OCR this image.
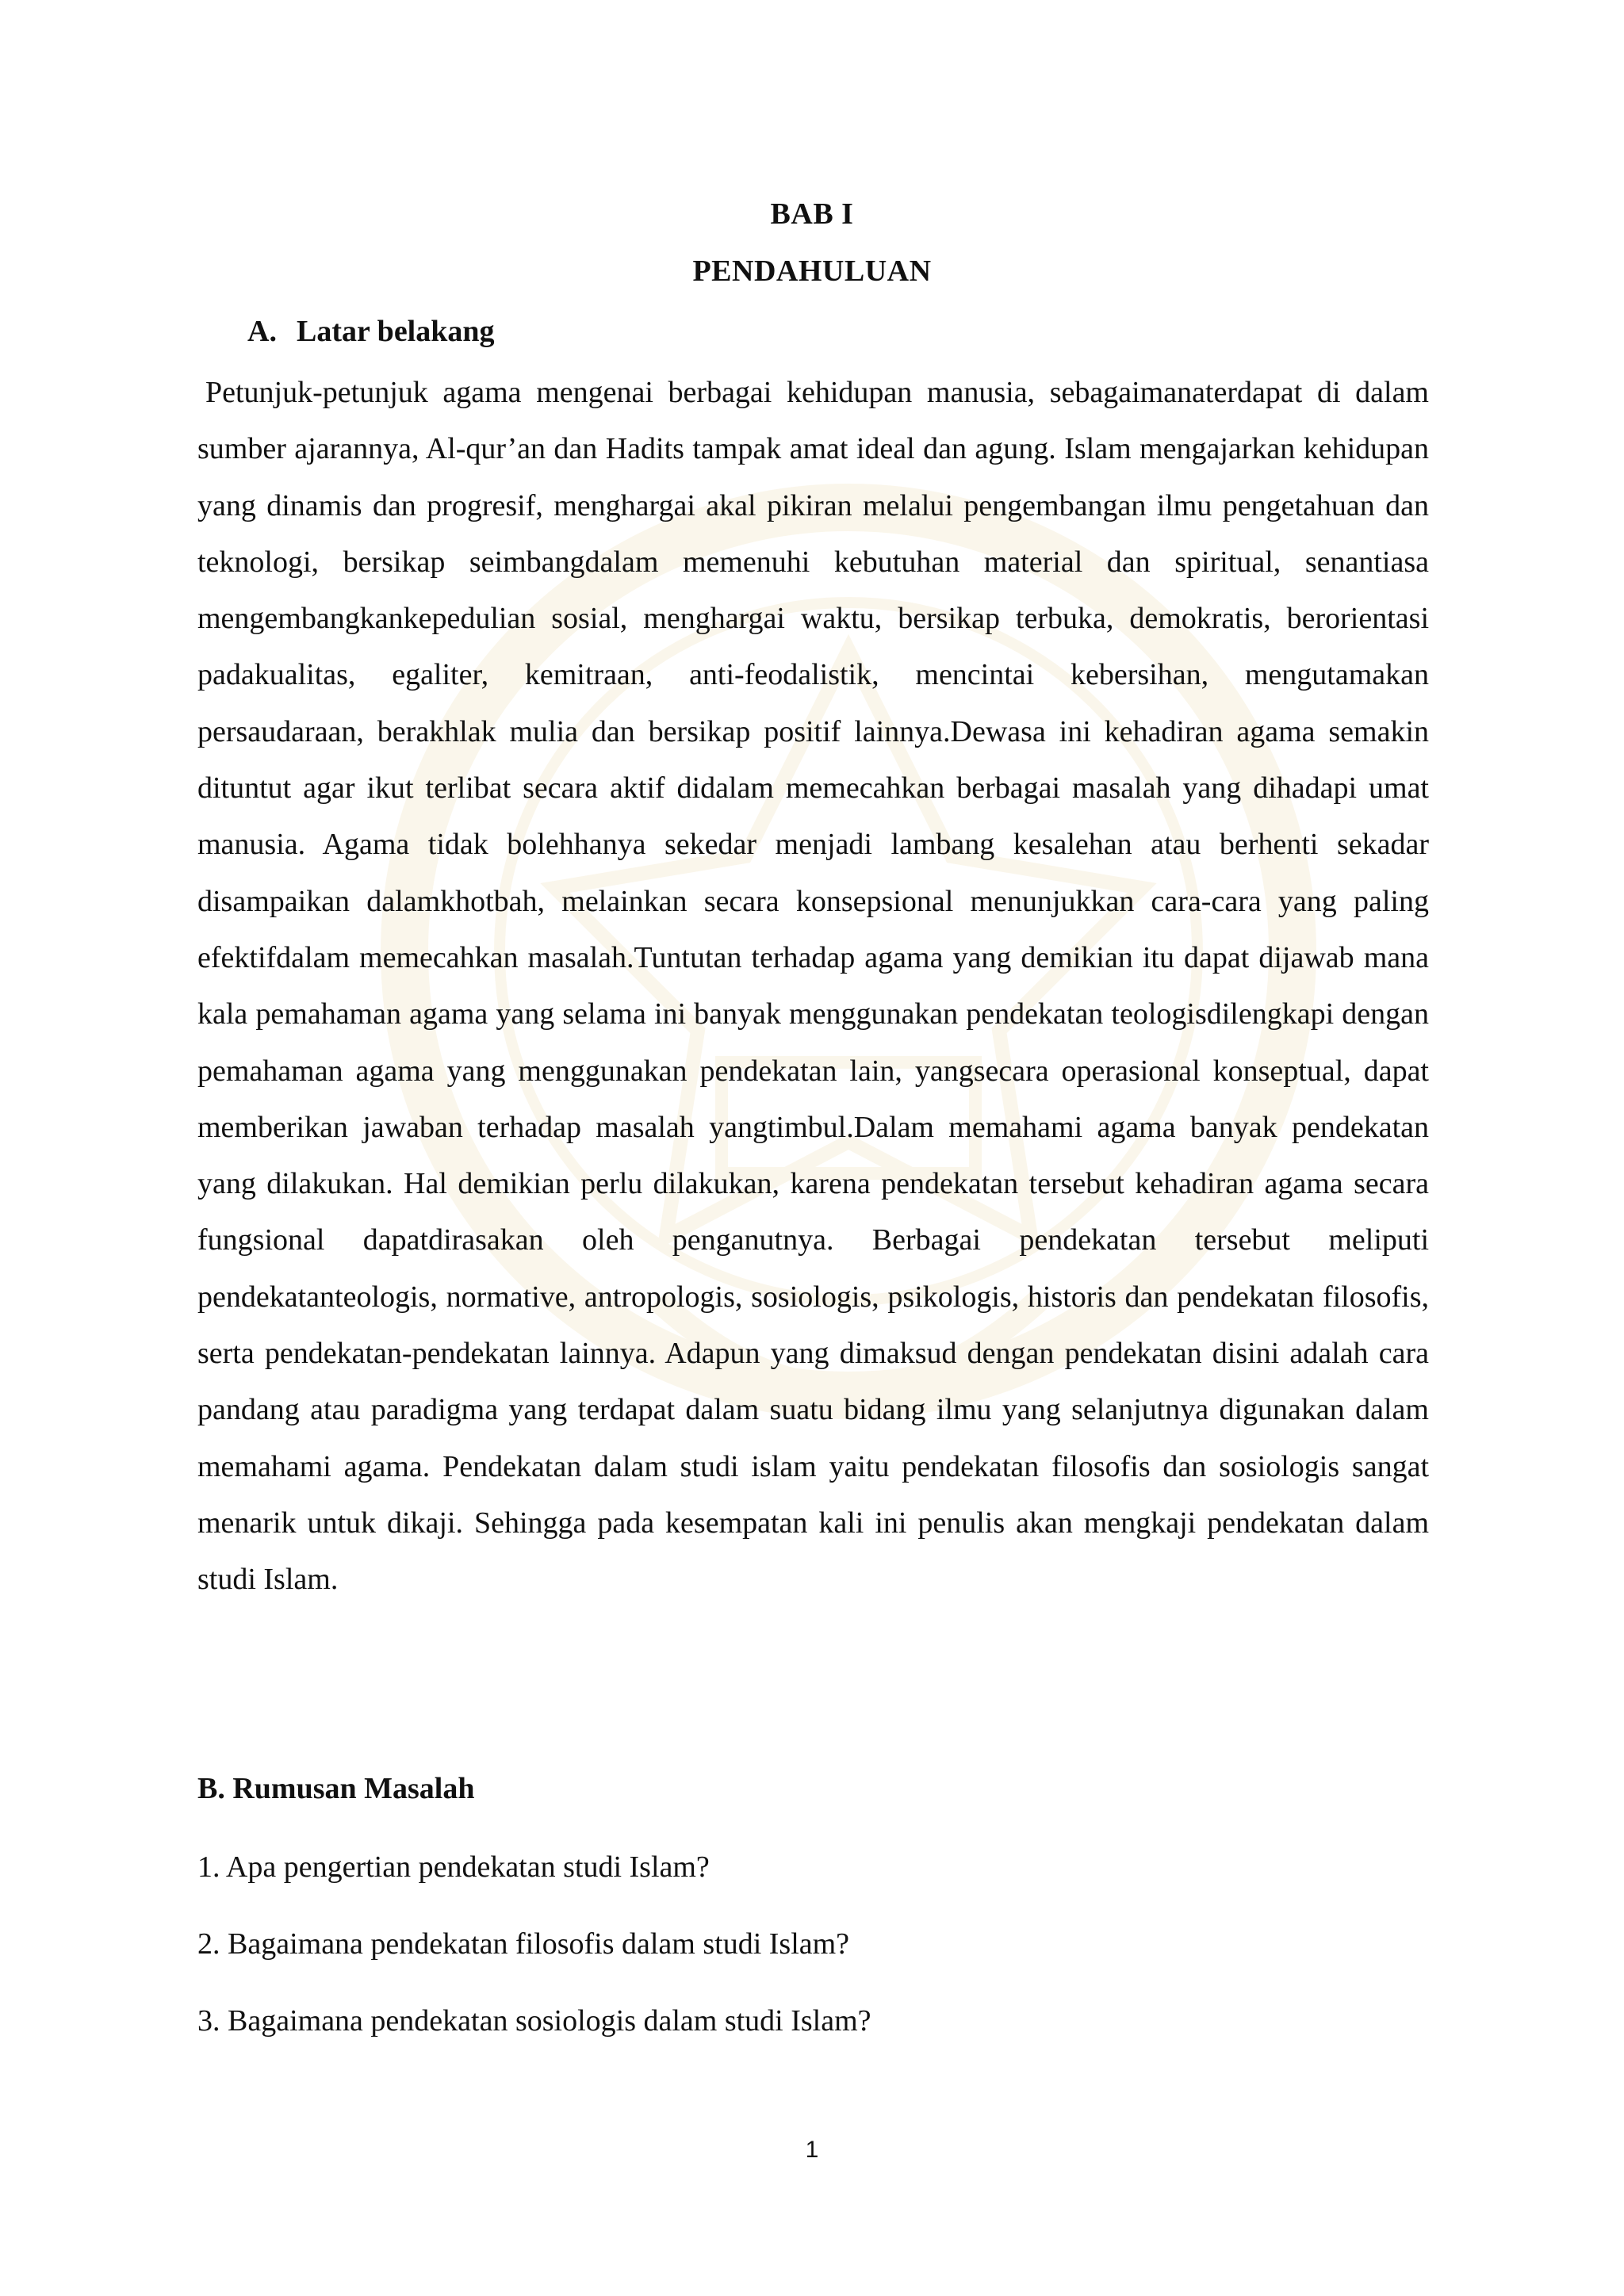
BAB I
PENDAHULUAN
A. Latar belakang

Petunjuk-petunjuk agama mengenai berbagai kehidupan manusia, sebagaimanaterdapat di dalam sumber ajarannya, Al-qur’an dan Hadits tampak amat ideal dan agung. Islam mengajarkan kehidupan yang dinamis dan progresif, menghargai akal pikiran melalui pengembangan ilmu pengetahuan dan teknologi, bersikap seimbangdalam memenuhi kebutuhan material dan spiritual, senantiasa mengembangkankepedulian sosial, menghargai waktu, bersikap terbuka, demokratis, berorientasi padakualitas, egaliter, kemitraan, anti-feodalistik, mencintai kebersihan, mengutamakan persaudaraan, berakhlak mulia dan bersikap positif lainnya.Dewasa ini kehadiran agama semakin dituntut agar ikut terlibat secara aktif didalam memecahkan berbagai masalah yang dihadapi umat manusia. Agama tidak bolehhanya sekedar menjadi lambang kesalehan atau berhenti sekadar disampaikan dalamkhotbah, melainkan secara konsepsional menunjukkan cara-cara yang paling efektifdalam memecahkan masalah.Tuntutan terhadap agama yang demikian itu dapat dijawab mana kala pemahaman agama yang selama ini banyak menggunakan pendekatan teologisdilengkapi dengan pemahaman agama yang menggunakan pendekatan lain, yangsecara operasional konseptual, dapat memberikan jawaban terhadap masalah yangtimbul.Dalam memahami agama banyak pendekatan yang dilakukan. Hal demikian perlu dilakukan, karena pendekatan tersebut kehadiran agama secara fungsional dapatdirasakan oleh penganutnya. Berbagai pendekatan tersebut meliputi pendekatanteologis, normative, antropologis, sosiologis, psikologis, historis dan pendekatan filosofis, serta pendekatan-pendekatan lainnya. Adapun yang dimaksud dengan pendekatan disini adalah cara pandang atau paradigma yang terdapat dalam suatu bidang ilmu yang selanjutnya digunakan dalam memahami agama. Pendekatan dalam studi islam yaitu pendekatan filosofis dan sosiologis sangat menarik untuk dikaji. Sehingga pada kesempatan kali ini penulis akan mengkaji pendekatan dalam studi Islam.

B. Rumusan Masalah

1. Apa pengertian pendekatan studi Islam?

2. Bagaimana pendekatan filosofis dalam studi Islam?

3. Bagaimana pendekatan sosiologis dalam studi Islam?

1
